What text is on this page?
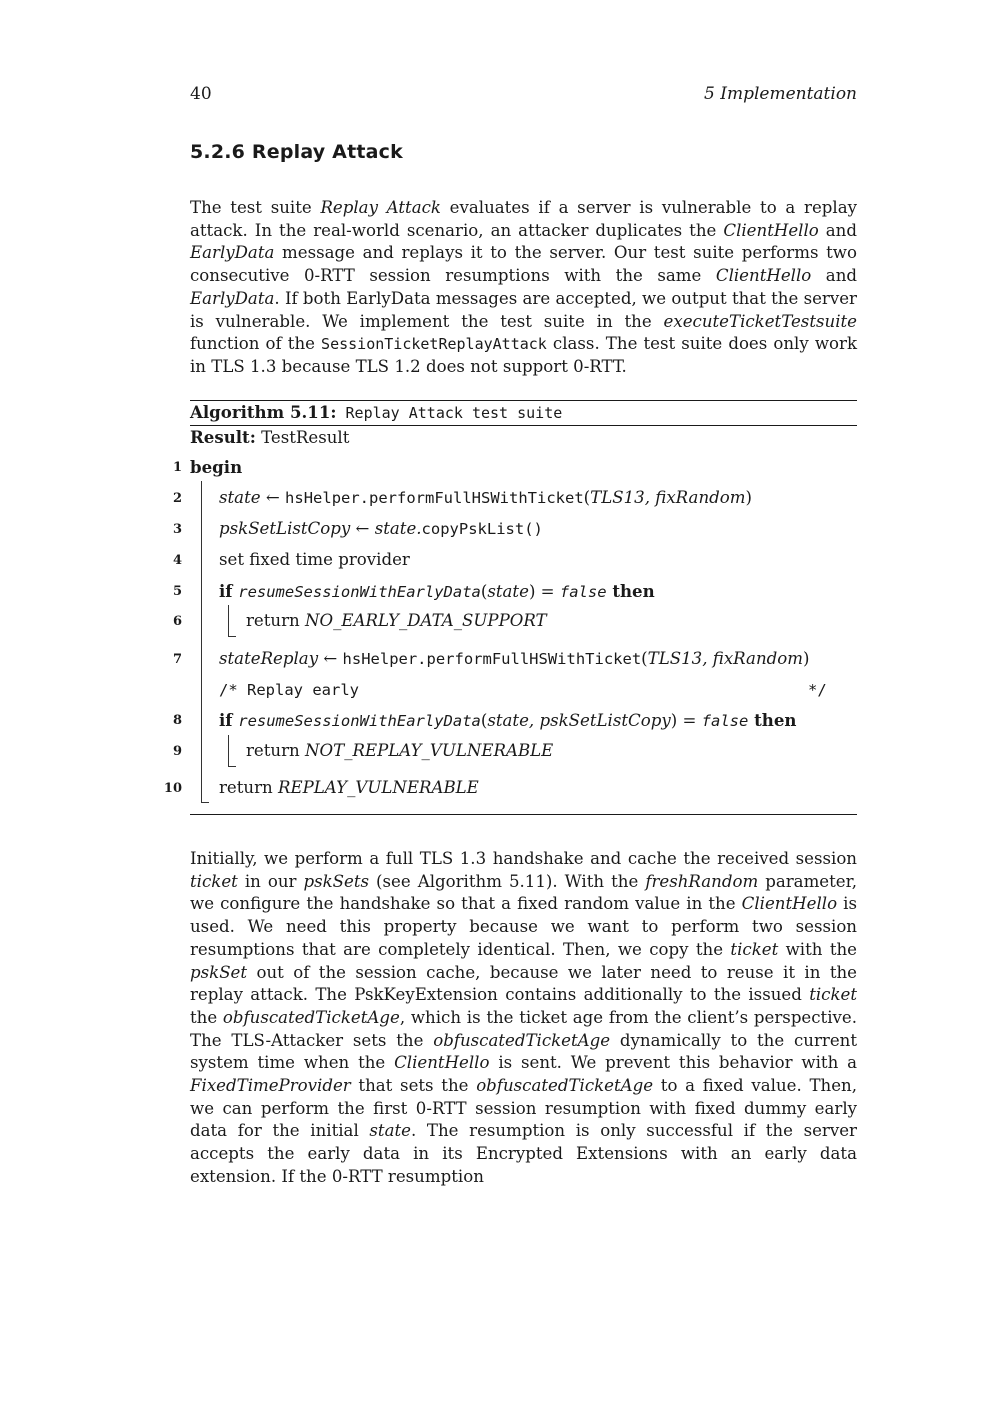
40	5 Implementation
5.2.6 Replay Attack
The test suite Replay Attack evaluates if a server is vulnerable to a replay attack. In the real-world scenario, an attacker duplicates the ClientHello and EarlyData message and replays it to the server. Our test suite performs two consecutive 0-RTT session resumptions with the same ClientHello and EarlyData. If both EarlyData messages are accepted, we output that the server is vulnerable. We implement the test suite in the executeTicketTestsuite function of the SessionTicketReplayAttack class. The test suite does only work in TLS 1.3 because TLS 1.2 does not support 0-RTT.
Algorithm 5.11: Replay Attack test suite
Result: TestResult
1
2
3
4
5
6
7
8
9
10
begin
state ← hsHelper.performFullHSWithTicket(TLS13, fixRandom)
pskSetListCopy ← state.copyPskList()
set fixed time provider
if resumeSessionWithEarlyData(state) = false then
return NO_EARLY_DATA_SUPPORT
stateReplay ← hsHelper.performFullHSWithTicket(TLS13, fixRandom)
/* Replay early	*/
if resumeSessionWithEarlyData(state, pskSetListCopy) = false then
return NOT_REPLAY_VULNERABLE
return REPLAY_VULNERABLE
Initially, we perform a full TLS 1.3 handshake and cache the received session ticket in our pskSets (see Algorithm 5.11). With the freshRandom parameter, we configure the handshake so that a fixed random value in the ClientHello is used. We need this property because we want to perform two session resumptions that are completely identical. Then, we copy the ticket with the pskSet out of the session cache, because we later need to reuse it in the replay attack. The PskKeyExtension contains additionally to the issued ticket the obfuscatedTicketAge, which is the ticket age from the client’s perspective. The TLS-Attacker sets the obfuscatedTicketAge dynamically to the current system time when the ClientHello is sent. We prevent this behavior with a FixedTimeProvider that sets the obfuscatedTicketAge to a fixed value. Then, we can perform the first 0-RTT session resumption with fixed dummy early data for the initial state. The resumption is only successful if the server accepts the early data in its Encrypted Extensions with an early data extension. If the 0-RTT resumption
